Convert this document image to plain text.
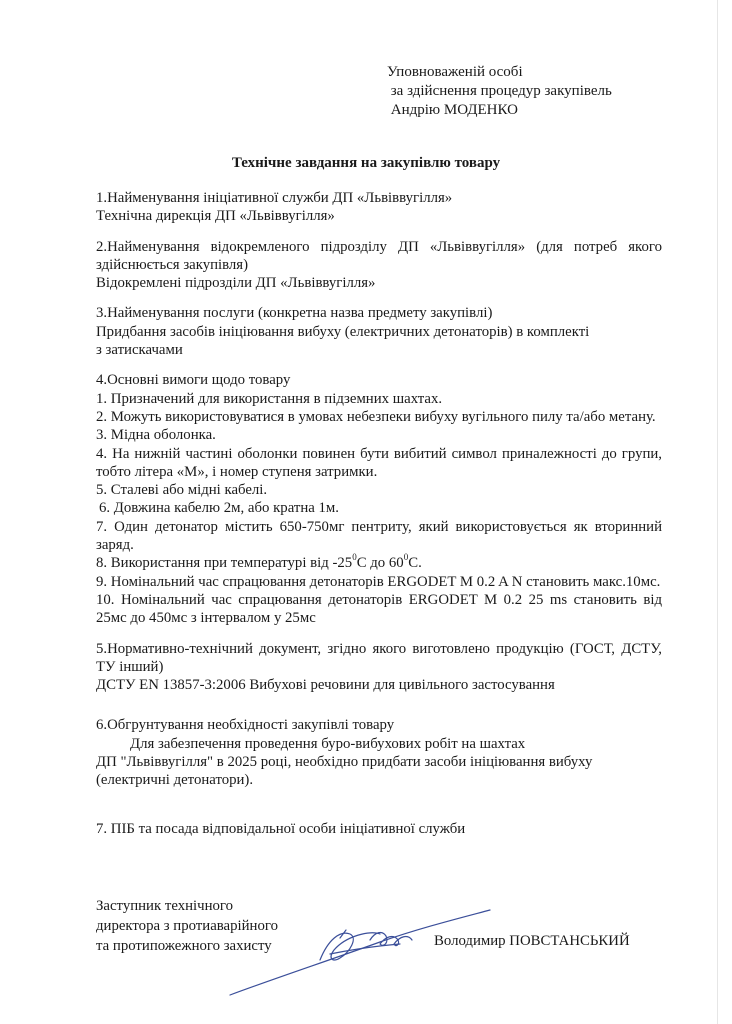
Уповноваженій особі
за здійснення процедур закупівель
Андрію МОДЕНКО
Технічне завдання на закупівлю товару

1.Найменування ініціативної служби ДП «Львіввугілля»

Технічна дирекція ДП «Львіввугілля»

2.Найменування відокремленого підрозділу ДП «Львіввугілля» (для потреб якого здійснюється закупівля)

Відокремлені підрозділи ДП «Львіввугілля»

3.Найменування послуги (конкретна назва предмету закупівлі)

Придбання засобів ініціювання вибуху (електричних детонаторів) в комплекті з затискачами

4.Основні вимоги щодо товару

1. Призначений для використання в підземних шахтах.

2. Можуть використовуватися в умовах небезпеки вибуху вугільного пилу та/або метану.

3. Мідна оболонка.

4. На нижній частині оболонки повинен бути вибитий символ приналежності до групи, тобто літера «М», і номер ступеня затримки.

5. Сталеві або мідні кабелі.

6. Довжина кабелю 2м, або кратна 1м.

7. Один детонатор містить 650-750мг пентриту, який використовується як вторинний заряд.

8. Використання при температурі від $-25^0С$ до $60^0С$.

9. Номінальний час спрацювання детонаторів ERGODET M 0.2 A N становить макс.10мс.

10. Номінальний час спрацювання детонаторів ERGODET M 0.2 25 ms становить від 25мс до 450мс з інтервалом у 25мс

5.Нормативно-технічний документ, згідно якого виготовлено продукцію (ГОСТ, ДСТУ, ТУ інший)

ДСТУ EN 13857-3:2006 Вибухові речовини для цивільного застосування

6.Обгрунтування необхідності закупівлі товару

Для забезпечення проведення буро-вибухових робіт на шахтах

ДП "Львіввугілля" в 2025 році, необхідно придбати засоби ініціювання вибуху (електричні детонатори).

7. ПІБ та посада відповідальної особи ініціативної служби

Заступник технічного
директора з протиаварійного
та протипожежного захисту	Володимир ПОВСТАНСЬКИЙ
